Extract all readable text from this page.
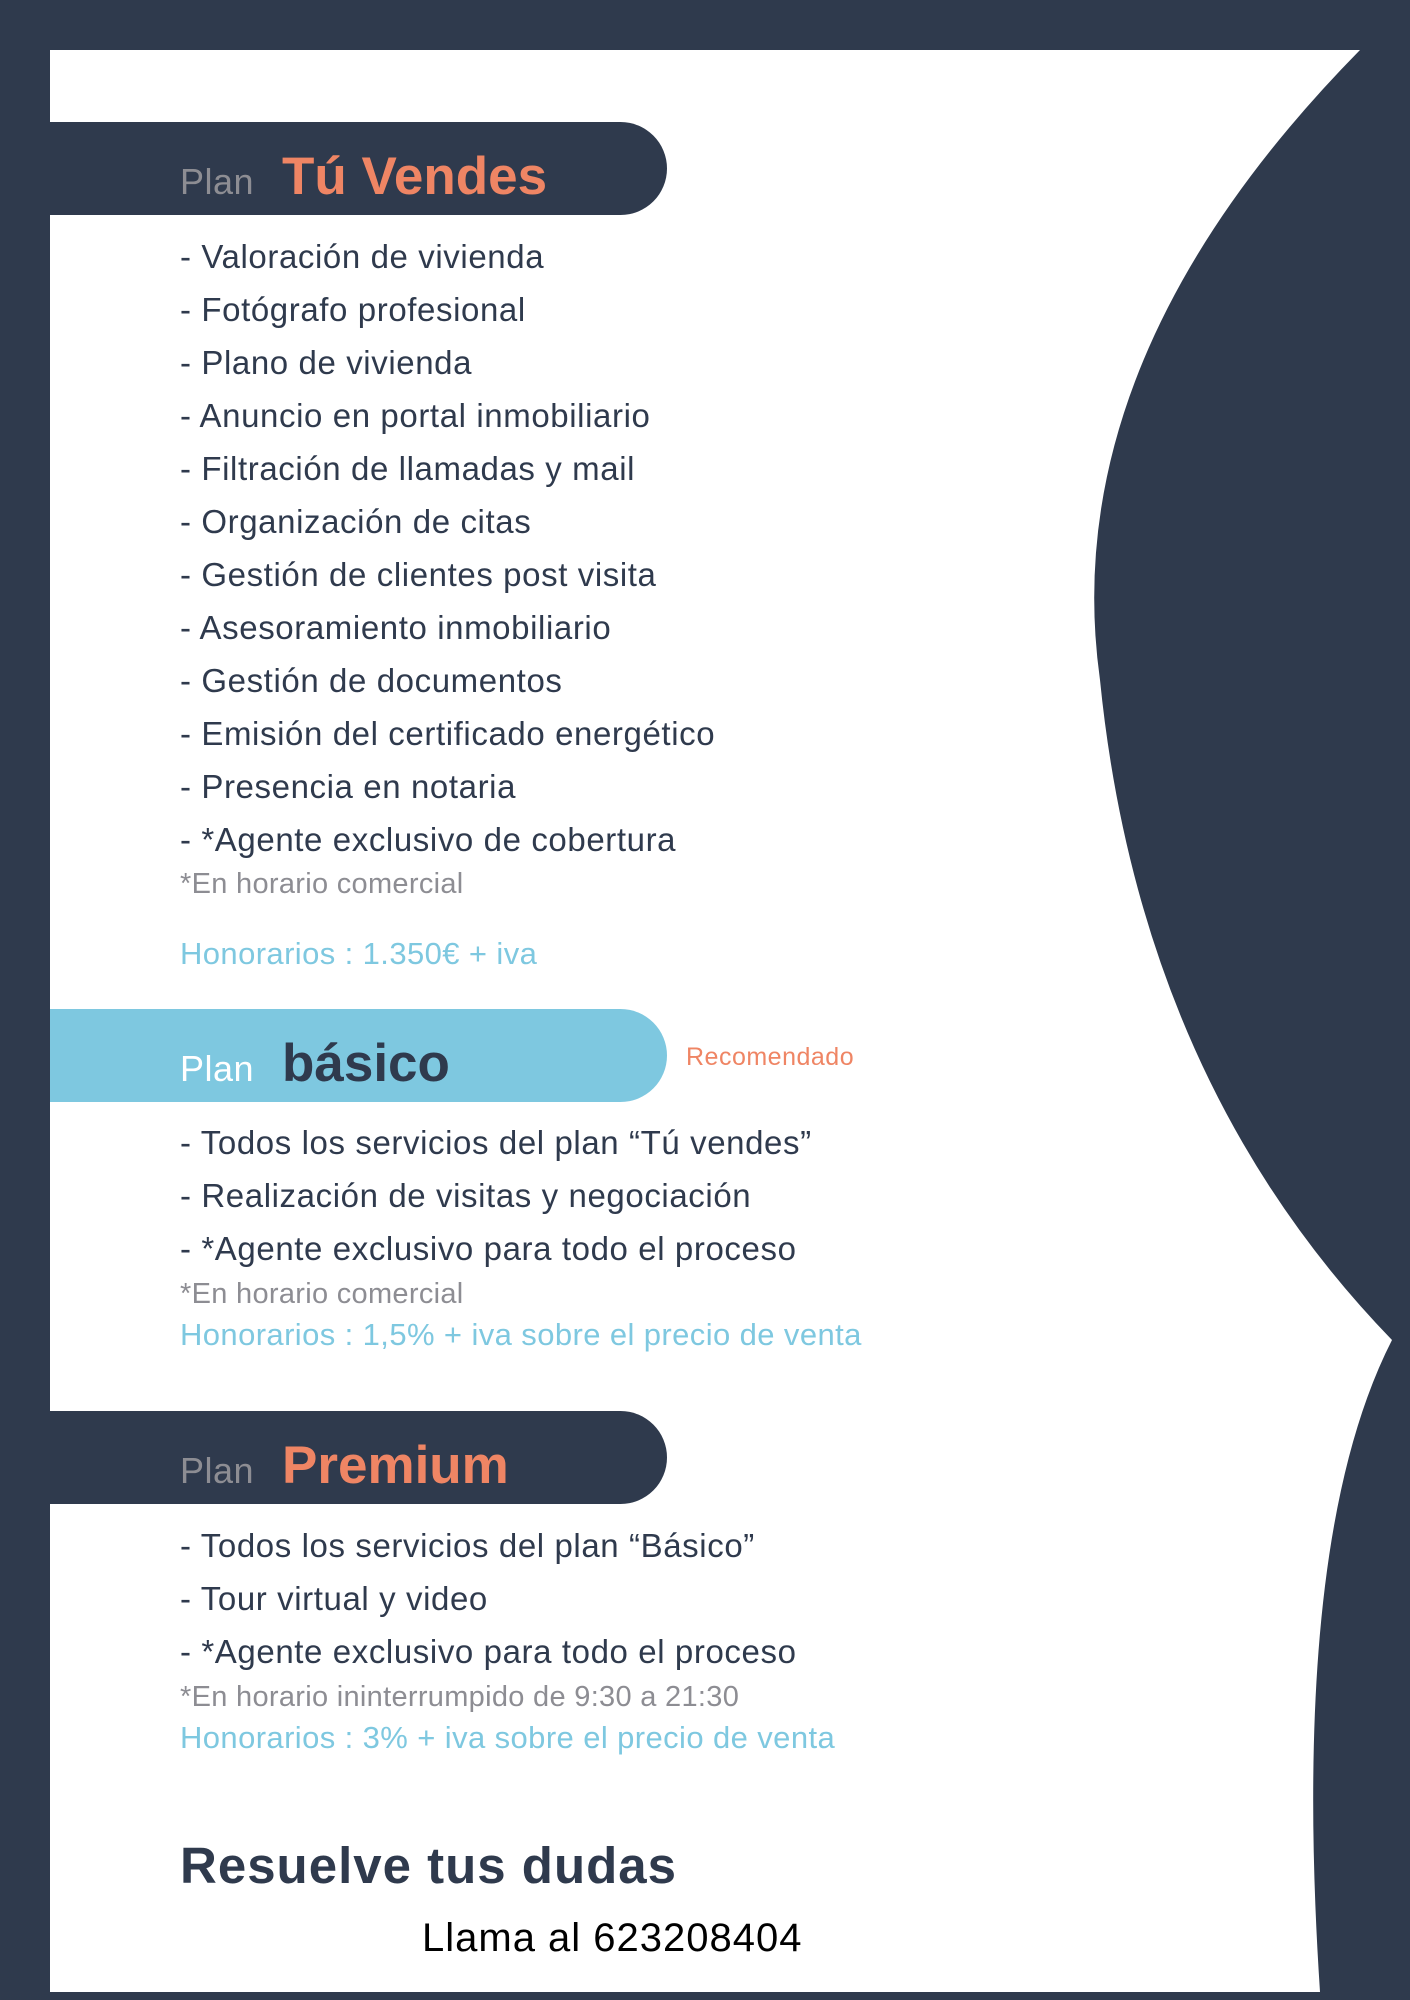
Plan Tú Vendes
- Valoración de vivienda
- Fotógrafo profesional
- Plano de vivienda
- Anuncio en portal inmobiliario
- Filtración de llamadas y mail
- Organización de citas
- Gestión de clientes post visita
- Asesoramiento inmobiliario
- Gestión de documentos
- Emisión del certificado energético
- Presencia en notaria
- *Agente exclusivo de cobertura
*En horario comercial
Honorarios : 1.350€ + iva
Plan básico	Recomendado
- Todos los servicios del plan “Tú vendes”
- Realización de visitas y negociación
- *Agente exclusivo para todo el proceso
*En horario comercial
Honorarios : 1,5% + iva sobre el precio de venta
Plan Premium
- Todos los servicios del plan “Básico”
- Tour virtual y video
- *Agente exclusivo para todo el proceso
*En horario ininterrumpido de 9:30 a 21:30
Honorarios : 3% + iva sobre el precio de venta
Resuelve tus dudas
Llama al 623208404
